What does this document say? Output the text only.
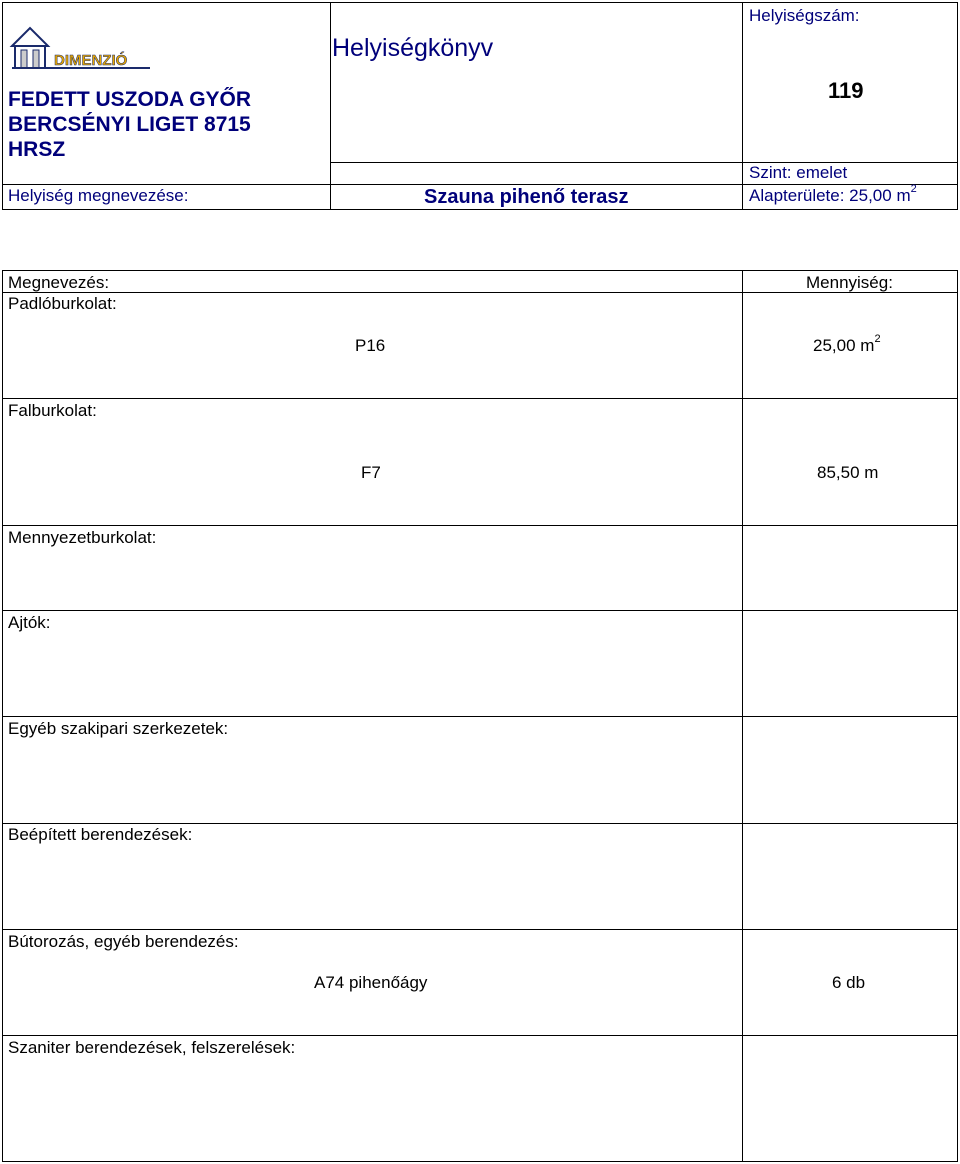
DIMENZIÓ
FEDETT USZODA GYŐR
BERCSÉNYI LIGET 8715
HRSZ
Helyiségkönyv
Helyiségszám:
119
Szint: emelet
Helyiség megnevezése:	Szauna pihenő terasz	Alapterülete: 25,00 $m^2$
Megnevezés:	Mennyiség:
Padlóburkolat:
P16	25,00 $m^2$
Falburkolat:
F7	85,50 m
Mennyezetburkolat:
Ajtók:
Egyéb szakipari szerkezetek:
Beépített berendezések:
Bútorozás, egyéb berendezés:
A74 pihenőágy	6 db
Szaniter berendezések, felszerelések:
